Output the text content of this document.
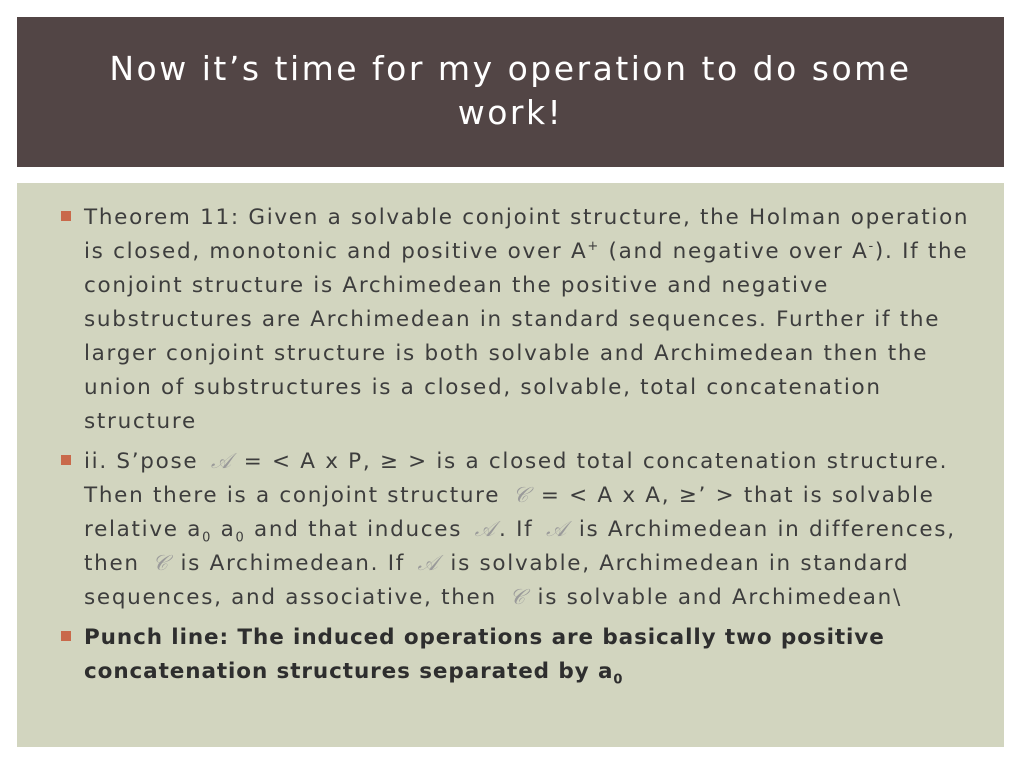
Now it’s time for my operation to do some work!
Theorem 11: Given a solvable conjoint structure, the Holman operation is closed, monotonic and positive over A+ (and negative over A-). If the conjoint structure is Archimedean the positive and negative substructures are Archimedean in standard sequences. Further if the larger conjoint structure is both solvable and Archimedean then the union of substructures is a closed, solvable, total concatenation structure
ii. S’pose 𝒜 = < A x P, ≥ > is a closed total concatenation structure. Then there is a conjoint structure 𝒞 = < A x A, ≥’ > that is solvable relative $a_0$ $a_0$ and that induces 𝒜 . If 𝒜 is Archimedean in differences, then 𝒞 is Archimedean. If 𝒜 is solvable, Archimedean in standard sequences, and associative, then 𝒞 is solvable and Archimedean\
Punch line: The induced operations are basically two positive concatenation structures separated by $a_0$
